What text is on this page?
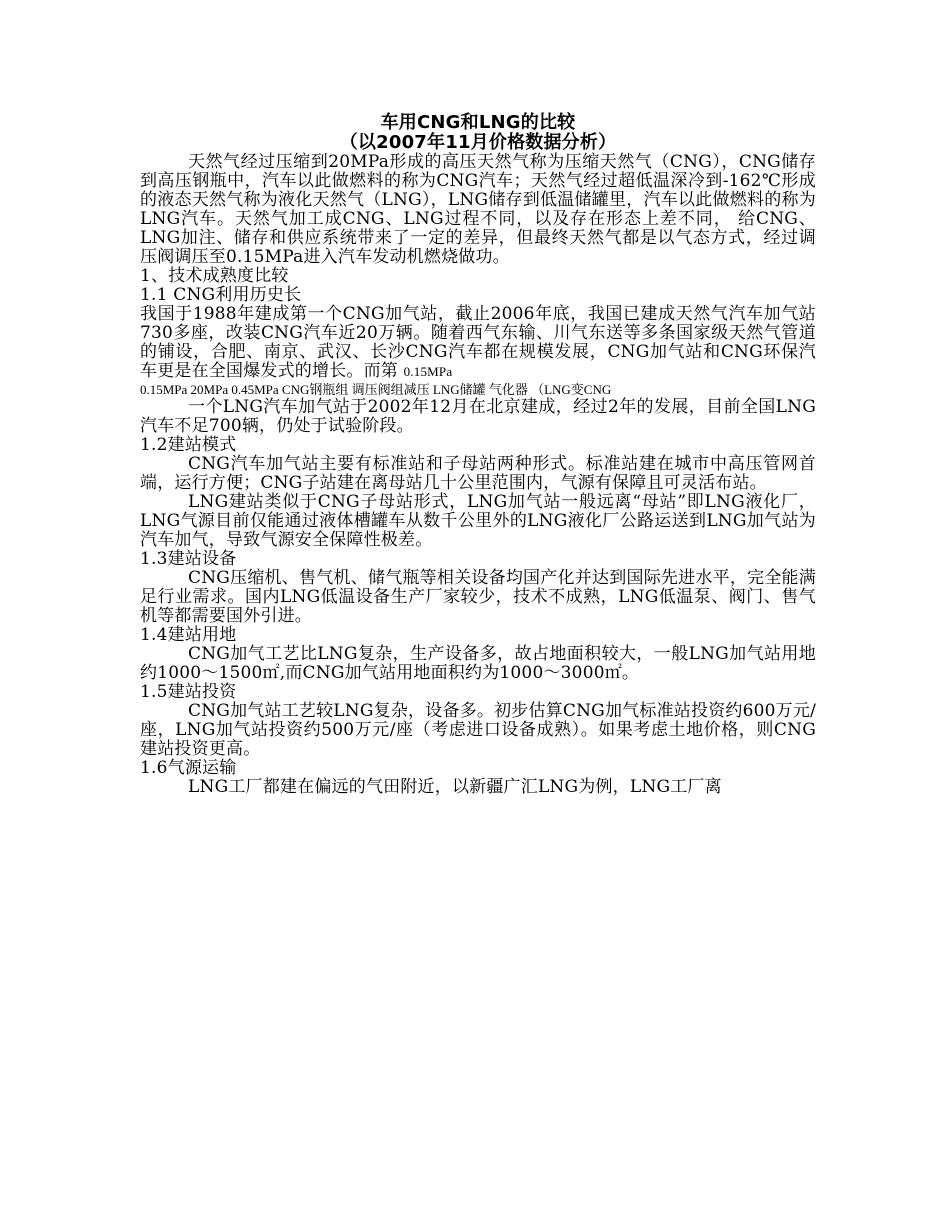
车用CNG和LNG的比较
（以2007年11月价格数据分析）

天然气经过压缩到20MPa形成的高压天然气称为压缩天然气（CNG），CNG储存到高压钢瓶中，汽车以此做燃料的称为CNG汽车；天然气经过超低温深冷到-162℃形成的液态天然气称为液化天然气（LNG），LNG储存到低温储罐里，汽车以此做燃料的称为LNG汽车。天然气加工成CNG、LNG过程不同，以及存在形态上差不同， 给CNG、LNG加注、储存和供应系统带来了一定的差异，但最终天然气都是以气态方式，经过调压阀调压至0.15MPa进入汽车发动机燃烧做功。

1、技术成熟度比较
1.1 CNG利用历史长

我国于1988年建成第一个CNG加气站，截止2006年底，我国已建成天然气汽车加气站730多座，改装CNG汽车近20万辆。随着西气东输、川气东送等多条国家级天然气管道的铺设，合肥、南京、武汉、长沙CNG汽车都在规模发展，CNG加气站和CNG环保汽车更是在全国爆发式的增长。而第 0.15MPa

0.15MPa 20MPa 0.45MPa CNG钢瓶组 调压阀组减压 LNG储罐 气化器 （LNG变CNG

一个LNG汽车加气站于2002年12月在北京建成，经过2年的发展，目前全国LNG汽车不足700辆，仍处于试验阶段。

1.2建站模式

CNG汽车加气站主要有标准站和子母站两种形式。标准站建在城市中高压管网首端，运行方便；CNG子站建在离母站几十公里范围内，气源有保障且可灵活布站。

LNG建站类似于CNG子母站形式，LNG加气站一般远离“母站”即LNG液化厂，LNG气源目前仅能通过液体槽罐车从数千公里外的LNG液化厂公路运送到LNG加气站为汽车加气，导致气源安全保障性极差。

1.3建站设备

CNG压缩机、售气机、储气瓶等相关设备均国产化并达到国际先进水平，完全能满足行业需求。国内LNG低温设备生产厂家较少，技术不成熟，LNG低温泵、阀门、售气机等都需要国外引进。

1.4建站用地

CNG加气工艺比LNG复杂，生产设备多，故占地面积较大，一般LNG加气站用地约1000～1500㎡,而CNG加气站用地面积约为1000～3000㎡。

1.5建站投资

CNG加气站工艺较LNG复杂，设备多。初步估算CNG加气标准站投资约600万元/座，LNG加气站投资约500万元/座（考虑进口设备成熟）。如果考虑土地价格，则CNG建站投资更高。

1.6气源运输

LNG工厂都建在偏远的气田附近，以新疆广汇LNG为例，LNG工厂离
